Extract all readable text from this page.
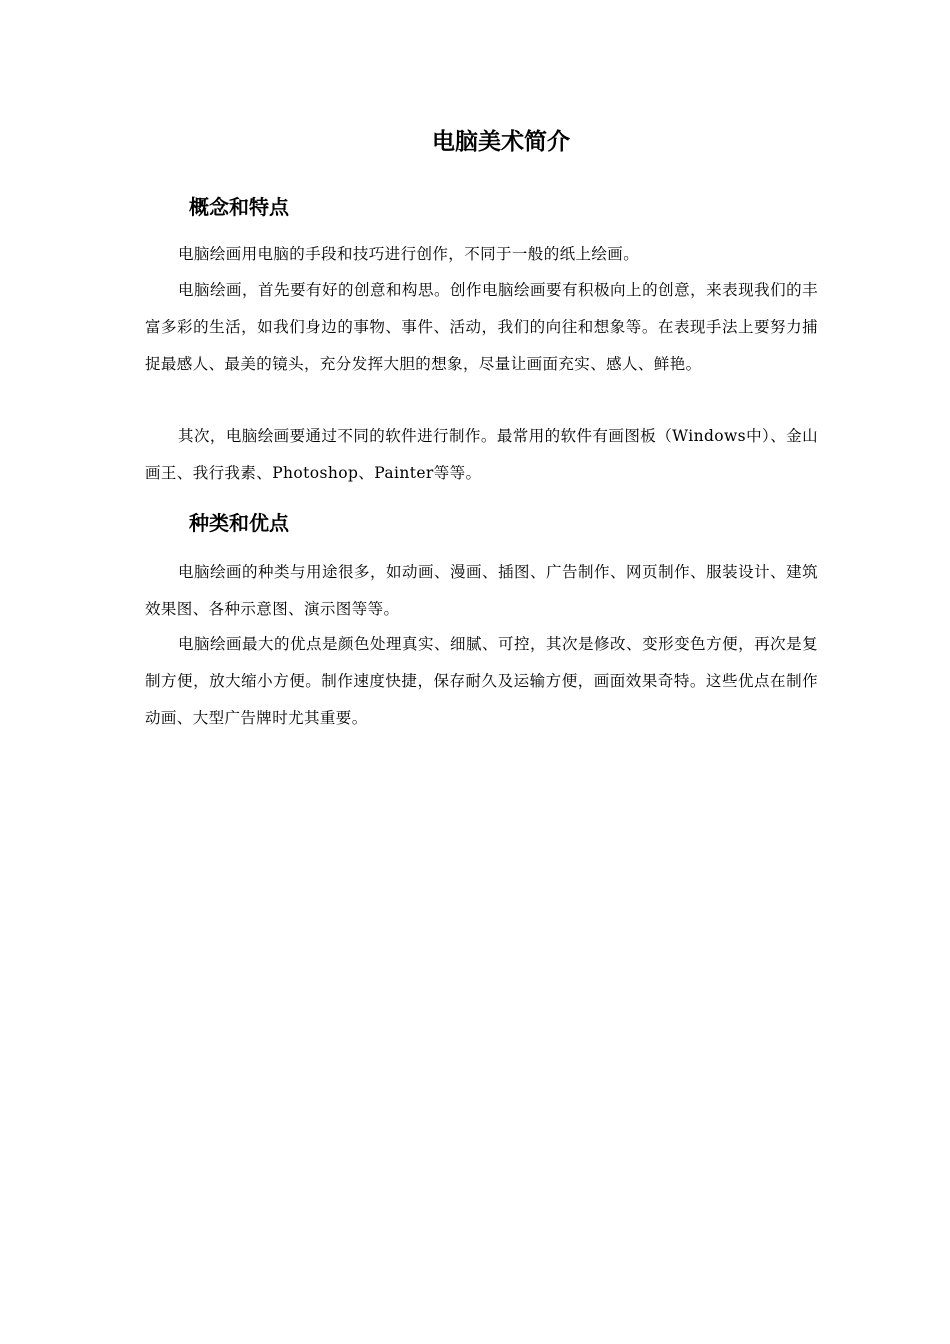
电脑美术简介
概念和特点

电脑绘画用电脑的手段和技巧进行创作，不同于一般的纸上绘画。

电脑绘画，首先要有好的创意和构思。创作电脑绘画要有积极向上的创意，来表现我们的丰富多彩的生活，如我们身边的事物、事件、活动，我们的向往和想象等。在表现手法上要努力捕捉最感人、最美的镜头，充分发挥大胆的想象，尽量让画面充实、感人、鲜艳。

其次，电脑绘画要通过不同的软件进行制作。最常用的软件有画图板（Windows中）、金山画王、我行我素、Photoshop、Painter等等。

种类和优点

电脑绘画的种类与用途很多，如动画、漫画、插图、广告制作、网页制作、服装设计、建筑效果图、各种示意图、演示图等等。

电脑绘画最大的优点是颜色处理真实、细腻、可控，其次是修改、变形变色方便，再次是复制方便，放大缩小方便。制作速度快捷，保存耐久及运输方便，画面效果奇特。这些优点在制作动画、大型广告牌时尤其重要。
